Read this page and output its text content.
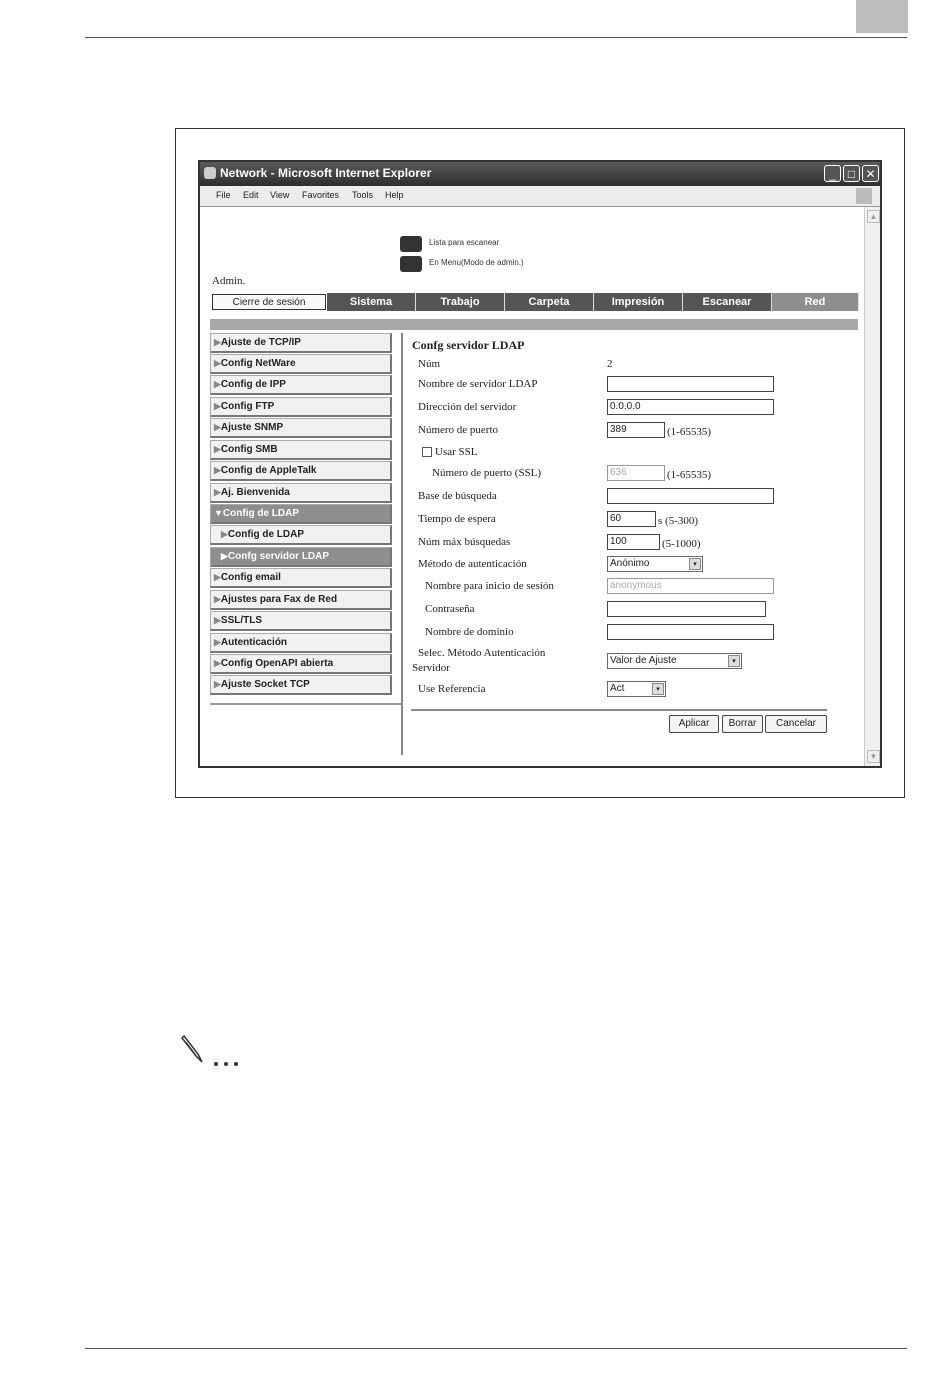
Network - Microsoft Internet Explorer	_	□ ✕
File Edit View Favorites Tools Help
Lista para escanear
En Menu(Modo de admin.)
Admin.
Cierre de sesión	Sistema	Trabajo	Carpeta	Impresión	Escanear	Red
▶Ajuste de TCP/IP
▶Config NetWare
▶Config de IPP
▶Config FTP
▶Ajuste SNMP
▶Config SMB
▶Config de AppleTalk
▶Aj. Bienvenida
▼Config de LDAP
▶Config de LDAP
▶Confg servidor LDAP
▶Config email
▶Ajustes para Fax de Red
▶SSL/TLS
▶Autenticación
▶Config OpenAPI abierta
▶Ajuste Socket TCP
Confg servidor LDAP
Núm	2
Nombre de servidor LDAP
Dirección del servidor	0.0.0.0
Número de puerto	389	(1-65535)
Usar SSL
Número de puerto (SSL)	636	(1-65535)
Base de búsqueda
Tiempo de espera	60	s (5-300)
Núm máx búsquedas	100	(5-1000)
Método de autenticación	Anónimo	▾
Nombre para inicio de sesión	anonymous
Contraseña
Nombre de dominio
Selec. Método Autenticación
Servidor
Valor de Ajuste	▾
Use Referencia	Act	▾
Aplicar	Borrar	Cancelar
▲
▼
